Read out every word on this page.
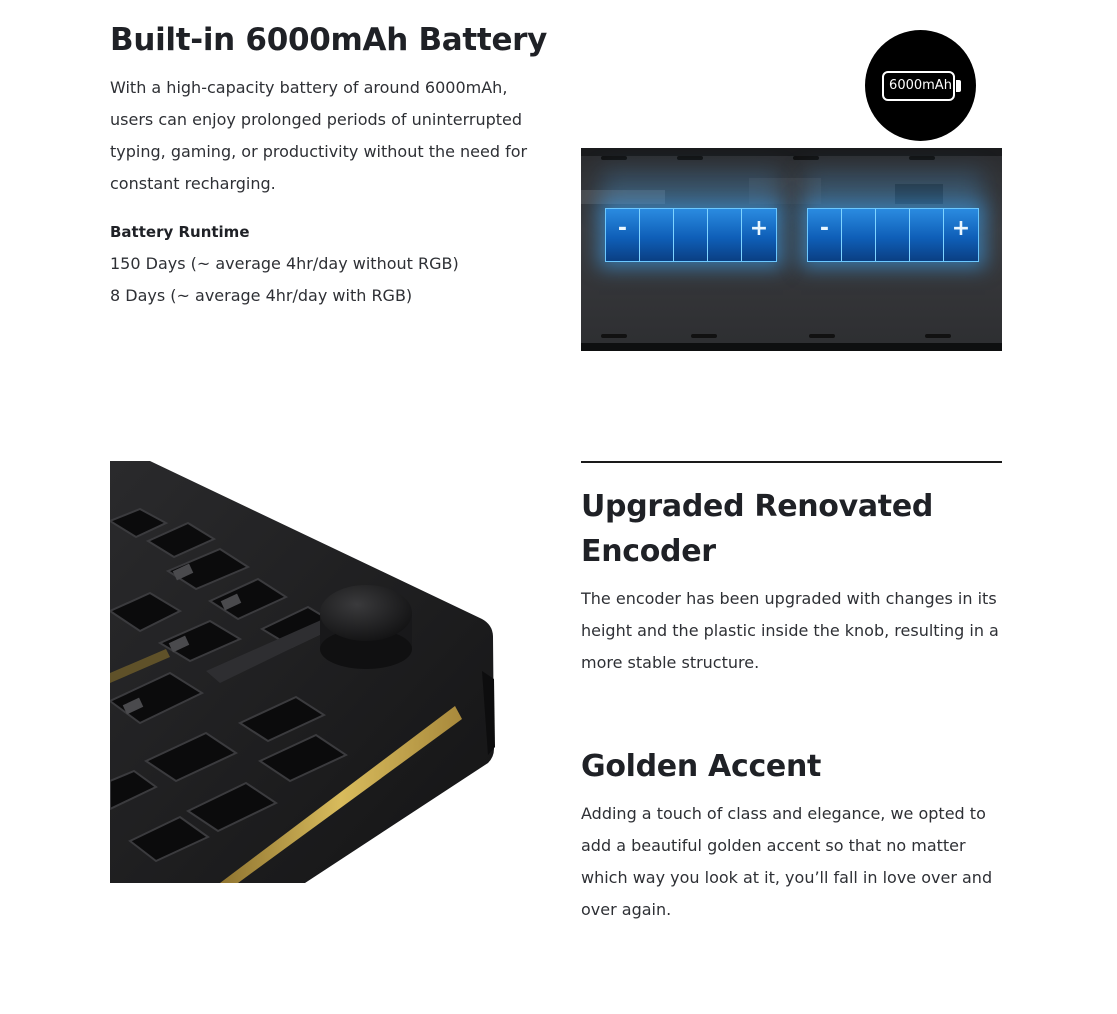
Built-in 6000mAh Battery

With a high-capacity battery of around 6000mAh, users can enjoy prolonged periods of uninterrupted typing, gaming, or productivity without the need for constant recharging.

Battery Runtime
150 Days (~ average 4hr/day without RGB)
8 Days (~ average 4hr/day with RGB)
-	+	-	+
6000mAh
Upgraded Renovated Encoder

The encoder has been upgraded with changes in its height and the plastic inside the knob, resulting in a more stable structure.

Golden Accent

Adding a touch of class and elegance, we opted to add a beautiful golden accent so that no matter which way you look at it, you’ll fall in love over and over again.
